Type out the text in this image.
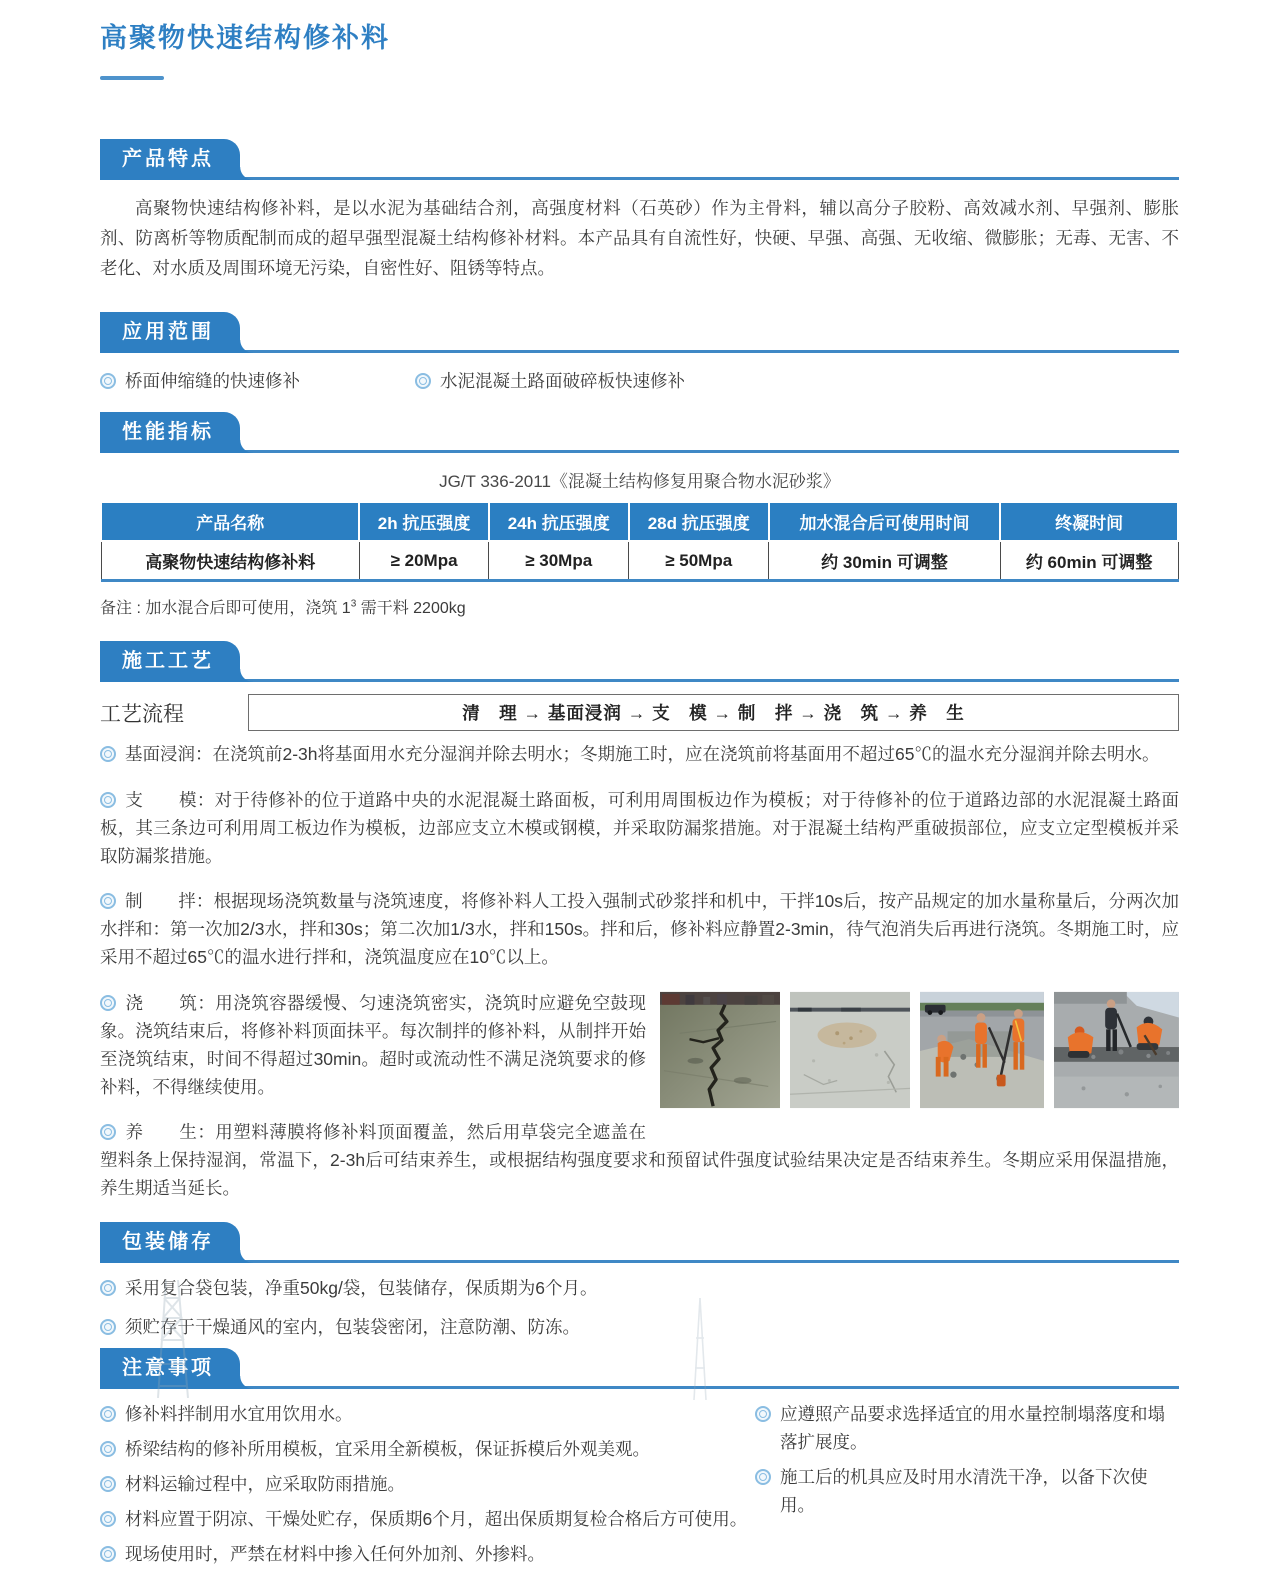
高聚物快速结构修补料
产品特点

高聚物快速结构修补料，是以水泥为基础结合剂，高强度材料（石英砂）作为主骨料，辅以高分子胶粉、高效减水剂、早强剂、膨胀剂、防离析等物质配制而成的超早强型混凝土结构修补材料。本产品具有自流性好，快硬、早强、高强、无收缩、微膨胀；无毒、无害、不老化、对水质及周围环境无污染，自密性好、阻锈等特点。

应用范围
桥面伸缩缝的快速修补	水泥混凝土路面破碎板快速修补
性能指标
JG/T 336-2011《混凝土结构修复用聚合物水泥砂浆》
产品名称	2h 抗压强度	24h 抗压强度	28d 抗压强度	加水混合后可使用时间	终凝时间
高聚物快速结构修补料	≥ 20Mpa	≥ 30Mpa	≥ 50Mpa	约 30min 可调整	约 60min 可调整
备注 : 加水混合后即可使用，浇筑 $1^3$ 需干料 2200kg
施工工艺
工艺流程	清　理 → 基面浸润 → 支　模 → 制　拌 → 浇　筑 → 养　生

基面浸润：在浇筑前2-3h将基面用水充分湿润并除去明水；冬期施工时，应在浇筑前将基面用不超过65℃的温水充分湿润并除去明水。

支　　模：对于待修补的位于道路中央的水泥混凝土路面板，可利用周围板边作为模板；对于待修补的位于道路边部的水泥混凝土路面板，其三条边可利用周工板边作为模板，边部应支立木模或钢模，并采取防漏浆措施。对于混凝土结构严重破损部位，应支立定型模板并采取防漏浆措施。

制　　拌：根据现场浇筑数量与浇筑速度，将修补料人工投入强制式砂浆拌和机中，干拌10s后，按产品规定的加水量称量后，分两次加水拌和：第一次加2/3水，拌和30s；第二次加1/3水，拌和150s。拌和后，修补料应静置2-3min，待气泡消失后再进行浇筑。冬期施工时，应采用不超过65℃的温水进行拌和，浇筑温度应在10℃以上。

浇　　筑：用浇筑容器缓慢、匀速浇筑密实，浇筑时应避免空鼓现象。浇筑结束后，将修补料顶面抹平。每次制拌的修补料，从制拌开始至浇筑结束，时间不得超过30min。超时或流动性不满足浇筑要求的修补料，不得继续使用。

养　　生：用塑料薄膜将修补料顶面覆盖，然后用草袋完全遮盖在塑料条上保持湿润，常温下，2-3h后可结束养生，或根据结构强度要求和预留试件强度试验结果决定是否结束养生。冬期应采用保温措施，养生期适当延长。

包装储存
采用复合袋包装，净重50kg/袋，包装储存，保质期为6个月。
须贮存于干燥通风的室内，包装袋密闭，注意防潮、防冻。
注意事项
修补料拌制用水宜用饮用水。
桥梁结构的修补所用模板，宜采用全新模板，保证拆模后外观美观。
材料运输过程中，应采取防雨措施。
材料应置于阴凉、干燥处贮存，保质期6个月，超出保质期复检合格后方可使用。
现场使用时，严禁在材料中掺入任何外加剂、外掺料。
应遵照产品要求选择适宜的用水量控制塌落度和塌落扩展度。
施工后的机具应及时用水清洗干净，以备下次使用。
